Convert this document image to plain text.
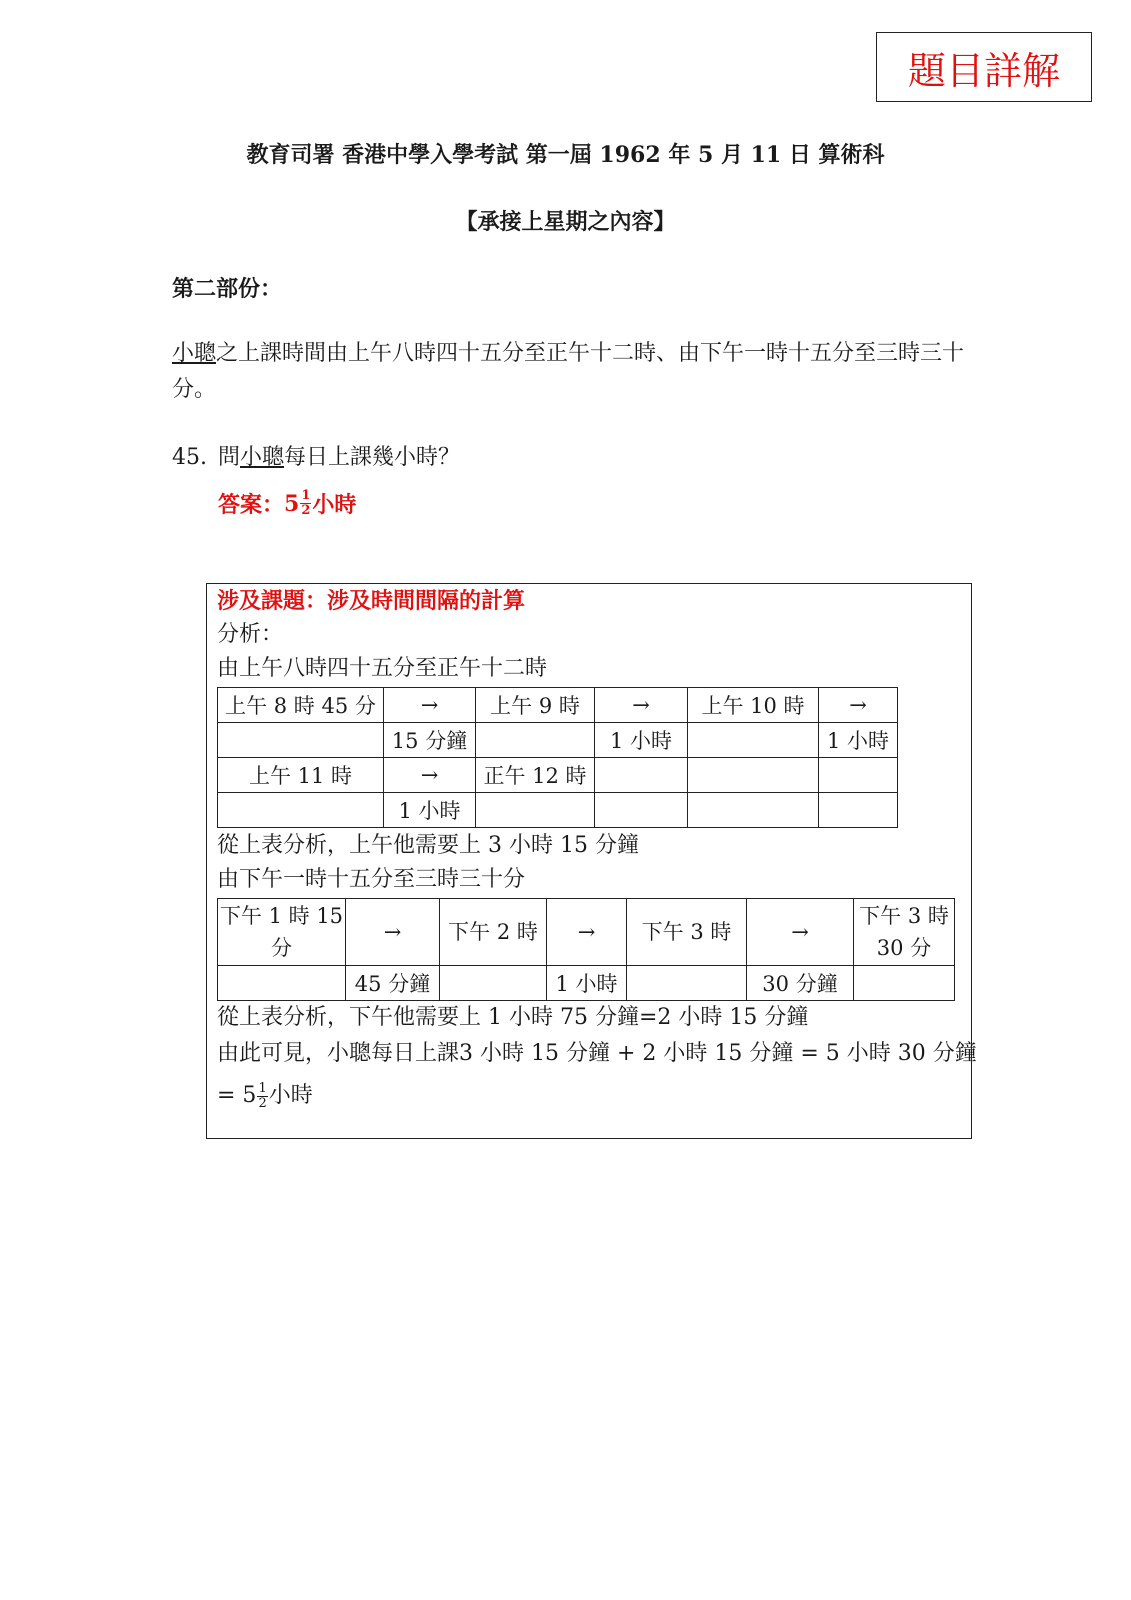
題目詳解
教育司署 香港中學入學考試 第一屆 1962 年 5 月 11 日 算術科
【承接上星期之內容】
第二部份：
小聰之上課時間由上午八時四十五分至正午十二時、由下午一時十五分至三時三十分。
45. 問小聰每日上課幾小時？
答案： $5 \frac{1}{2}$ 小時
涉及課題：涉及時間間隔的計算
分析：
由上午八時四十五分至正午十二時
上午 8 時 45 分	→	上午 9 時	→	上午 10 時	→
	15 分鐘		1 小時		1 小時
上午 11 時	→	正午 12 時			
	1 小時				
從上表分析，上午他需要上 3 小時 15 分鐘
由下午一時十五分至三時三十分
下午 1 時 15 分	→	下午 2 時	→	下午 3 時	→	下午 3 時 30 分
	45 分鐘		1 小時		30 分鐘	
從上表分析，下午他需要上 1 小時 75 分鐘=2 小時 15 分鐘
由此可見，小聰每日上課3 小時 15 分鐘 + 2 小時 15 分鐘 = 5 小時 30 分鐘
= $5 \frac{1}{2}$ 小時
